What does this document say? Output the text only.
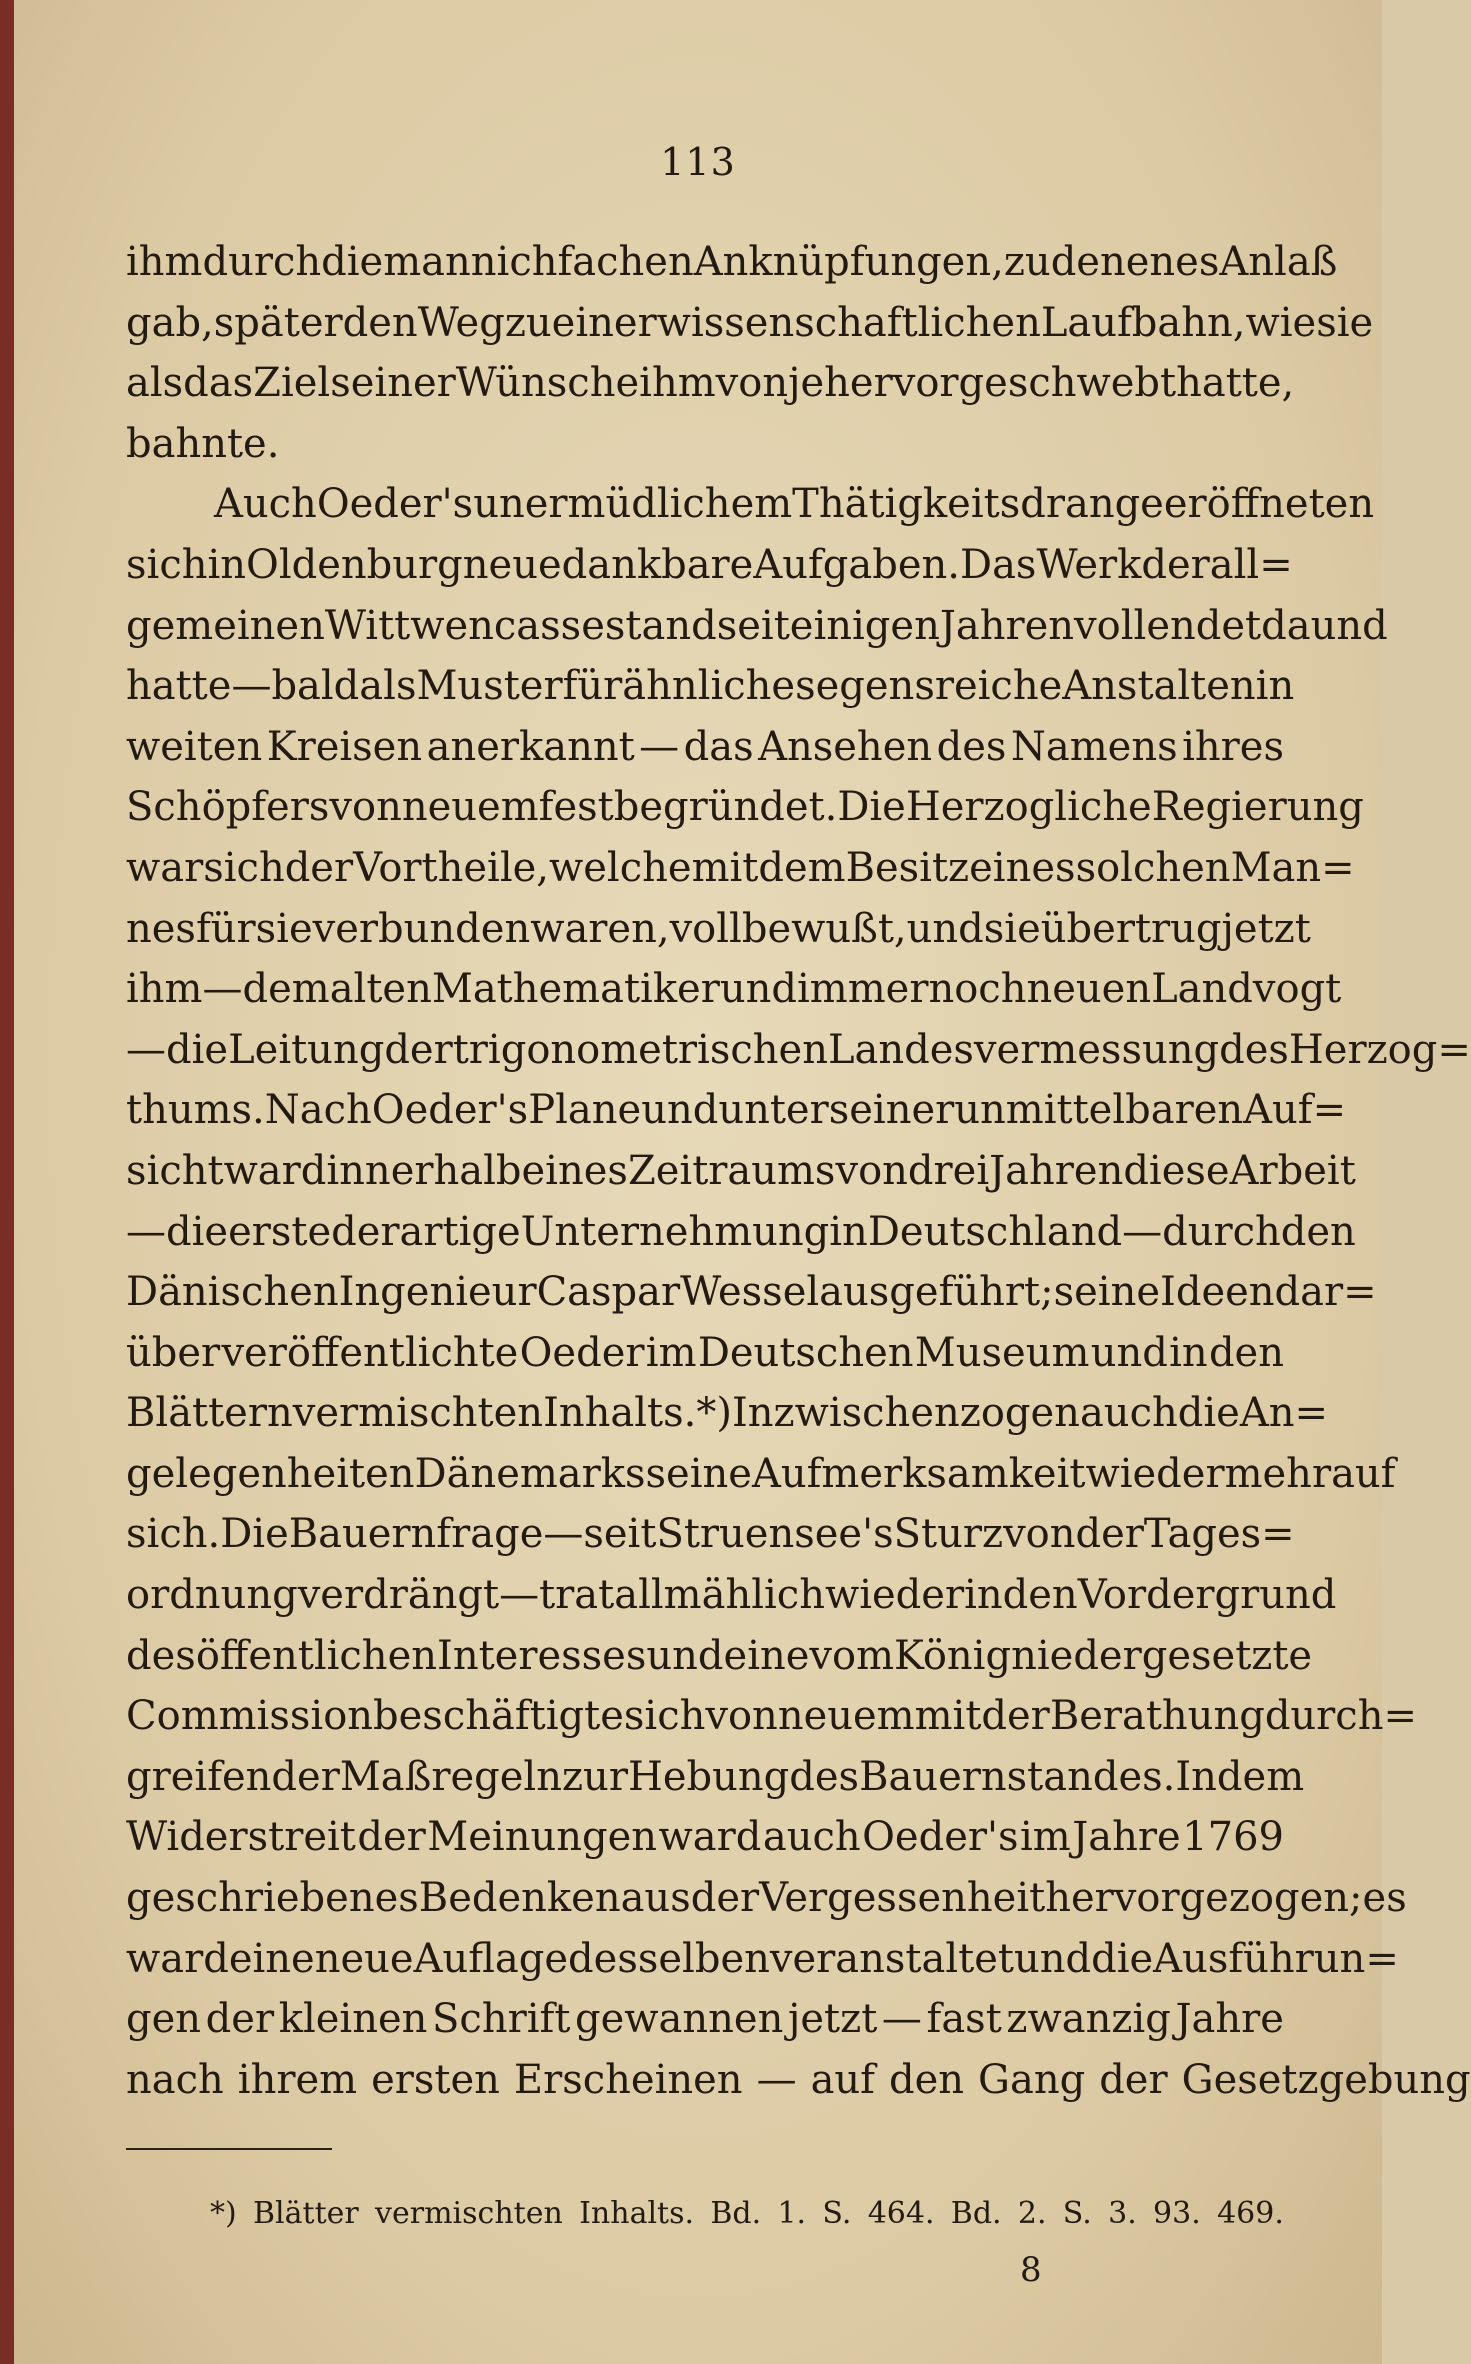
113
ihm durch die mannichfachen Anknüpfungen, zu denen es Anlaß
gab, später den Weg zu einer wissenschaftlichen Laufbahn, wie sie
als das Ziel seiner Wünsche ihm von jeher vorgeschwebt hatte,
bahnte.
Auch Oeder's unermüdlichem Thätigkeitsdrange eröffneten
sich in Oldenburg neue dankbare Aufgaben. Das Werk der all=
gemeinen Wittwencasse stand seit einigen Jahren vollendet da und
hatte — bald als Muster für ähnliche segensreiche Anstalten in
weiten Kreisen anerkannt — das Ansehen des Namens ihres
Schöpfers von neuem fest begründet. Die Herzogliche Regierung
war sich der Vortheile, welche mit dem Besitz eines solchen Man=
nes für sie verbunden waren, vollbewußt, und sie übertrug jetzt
ihm — dem alten Mathematiker und immer noch neuen Landvogt
— die Leitung der trigonometrischen Landesvermessung des Herzog=
thums. Nach Oeder's Plane und unter seiner unmittelbaren Auf=
sicht ward innerhalb eines Zeitraums von drei Jahren diese Arbeit
— die erste derartige Unternehmung in Deutschland — durch den
Dänischen Ingenieur Caspar Wessel ausgeführt; seine Ideen dar=
über veröffentlichte Oeder im Deutschen Museum und in den
Blättern vermischten Inhalts.*) Inzwischen zogen auch die An=
gelegenheiten Dänemarks seine Aufmerksamkeit wieder mehr auf
sich. Die Bauernfrage — seit Struensee's Sturz von der Tages=
ordnung verdrängt — trat allmählich wieder in den Vordergrund
des öffentlichen Interesses und eine vom König niedergesetzte
Commission beschäftigte sich von neuem mit der Berathung durch=
greifender Maßregeln zur Hebung des Bauernstandes. In dem
Widerstreit der Meinungen ward auch Oeder's im Jahre 1769
geschriebenes Bedenken aus der Vergessenheit hervorgezogen; es
ward eine neue Auflage desselben veranstaltet und die Ausführun=
gen der kleinen Schrift gewannen jetzt — fast zwanzig Jahre
nach ihrem ersten Erscheinen — auf den Gang der Gesetzgebung
*) Blätter vermischten Inhalts. Bd. 1. S. 464. Bd. 2. S. 3. 93. 469.
8
